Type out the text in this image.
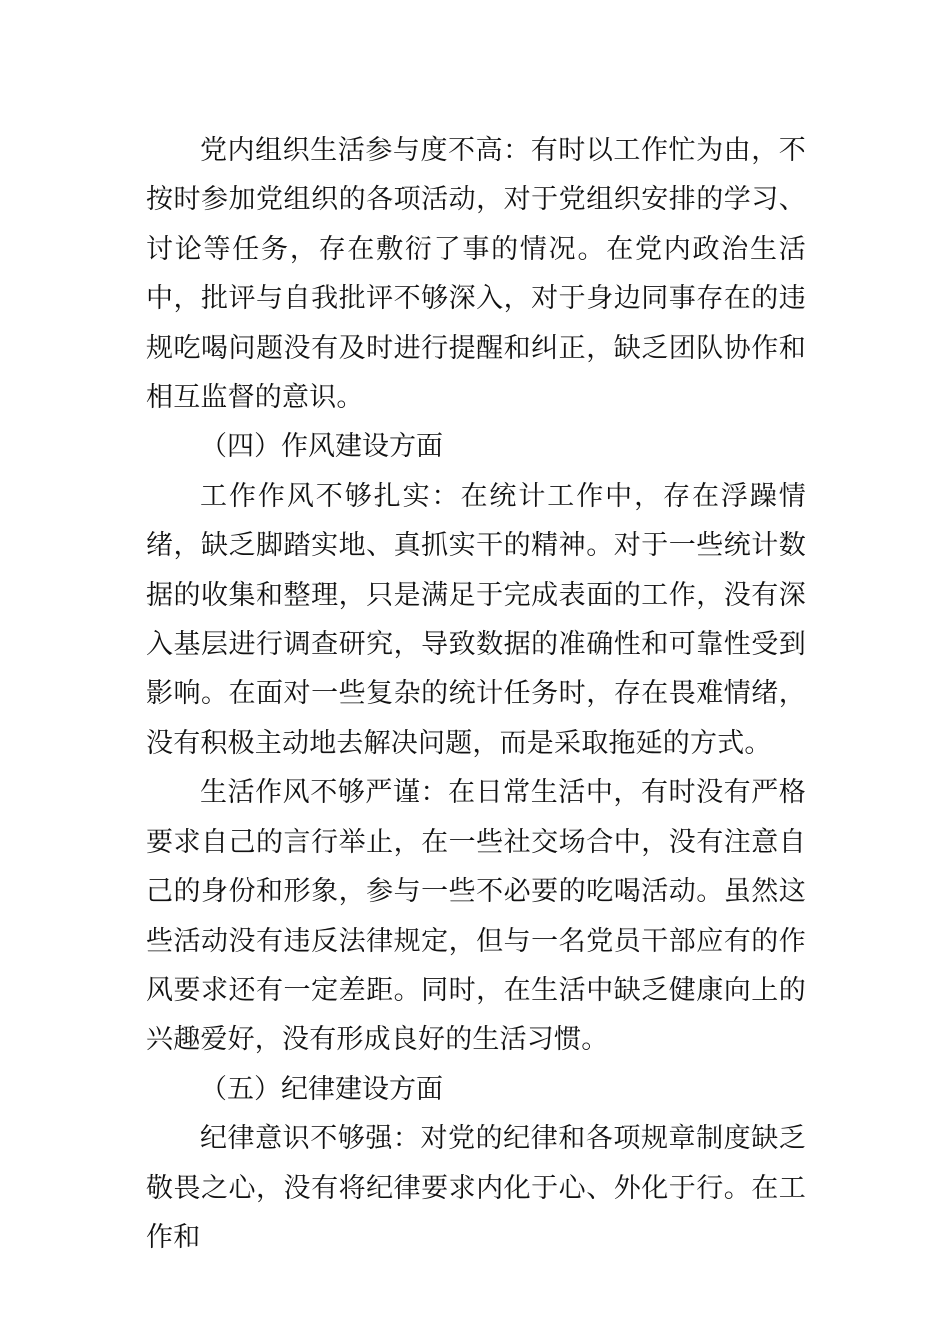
党内组织生活参与度不高：有时以工作忙为由，不按时参加党组织的各项活动，对于党组织安排的学习、讨论等任务，存在敷衍了事的情况。在党内政治生活中，批评与自我批评不够深入，对于身边同事存在的违规吃喝问题没有及时进行提醒和纠正，缺乏团队协作和相互监督的意识。

（四）作风建设方面

工作作风不够扎实：在统计工作中，存在浮躁情绪，缺乏脚踏实地、真抓实干的精神。对于一些统计数据的收集和整理，只是满足于完成表面的工作，没有深入基层进行调查研究，导致数据的准确性和可靠性受到影响。在面对一些复杂的统计任务时，存在畏难情绪，没有积极主动地去解决问题，而是采取拖延的方式。

生活作风不够严谨：在日常生活中，有时没有严格要求自己的言行举止，在一些社交场合中，没有注意自己的身份和形象，参与一些不必要的吃喝活动。虽然这些活动没有违反法律规定，但与一名党员干部应有的作风要求还有一定差距。同时，在生活中缺乏健康向上的兴趣爱好，没有形成良好的生活习惯。

（五）纪律建设方面

纪律意识不够强：对党的纪律和各项规章制度缺乏敬畏之心，没有将纪律要求内化于心、外化于行。在工作和
